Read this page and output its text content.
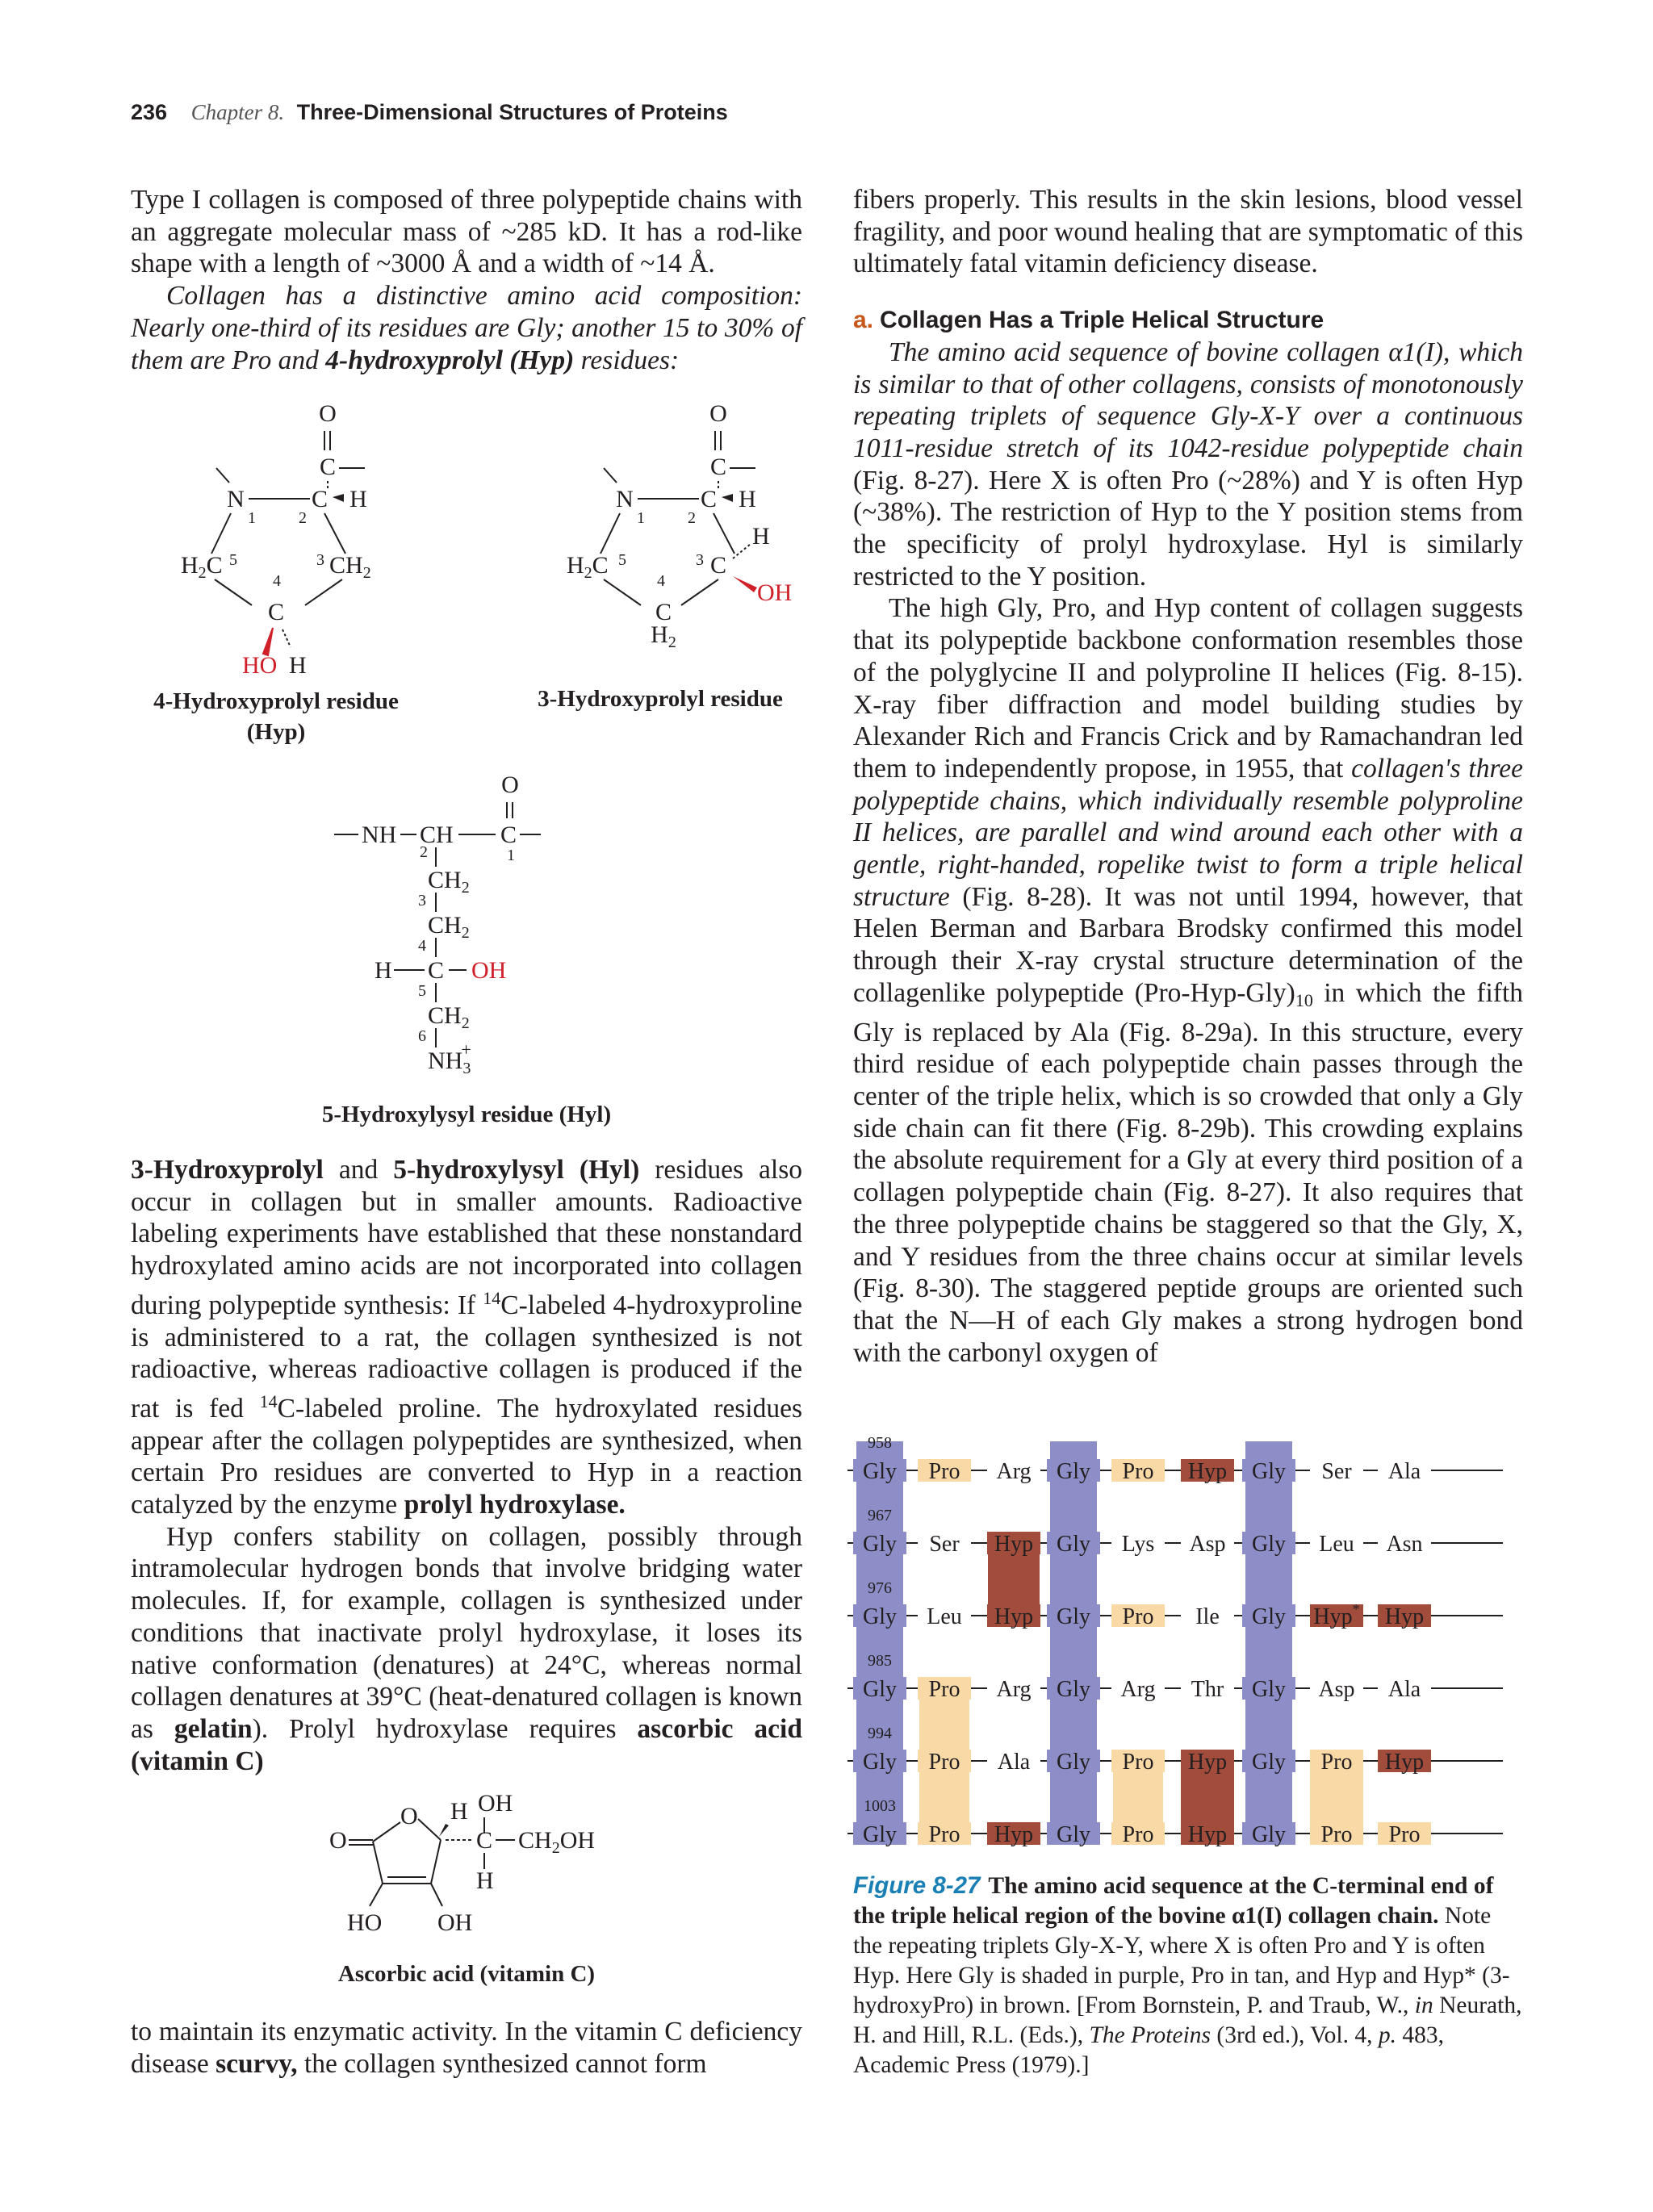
236 Chapter 8. Three-Dimensional Structures of Proteins

Type I collagen is composed of three polypeptide chains with an aggregate molecular mass of ~285 kD. It has a rod-like shape with a length of ~3000 Å and a width of ~14 Å.

Collagen has a distinctive amino acid composition: Nearly one-third of its residues are Gly; another 15 to 30% of them are Pro and 4-hydroxyprolyl (Hyp) residues:

O
C
N	C H
1	2
$H_2C$ 5	3 $CH_2$
4
C
HO H
O
C
N	C H
1	2
$H_2C$ 5	3 C
H
OH
4
C
$H_2$
4-Hydroxyprolyl residue (Hyp)
3-Hydroxyprolyl residue
O
NH CH C
2	1
$CH_2$
3
$CH_2$
4
H C OH
5
$CH_2$
6
$NH_3+$
5-Hydroxylysyl residue (Hyl)

3-Hydroxyprolyl and 5-hydroxylysyl (Hyl) residues also occur in collagen but in smaller amounts. Radioactive labeling experiments have established that these nonstandard hydroxylated amino acids are not incorporated into collagen during polypeptide synthesis: If $^{14}$C-labeled 4-hydroxyproline is administered to a rat, the collagen synthesized is not radioactive, whereas radioactive collagen is produced if the rat is fed $^{14}$C-labeled proline. The hydroxylated residues appear after the collagen polypeptides are synthesized, when certain Pro residues are converted to Hyp in a reaction catalyzed by the enzyme prolyl hydroxylase.

Hyp confers stability on collagen, possibly through intramolecular hydrogen bonds that involve bridging water molecules. If, for example, collagen is synthesized under conditions that inactivate prolyl hydroxylase, it loses its native conformation (denatures) at 24°C, whereas normal collagen denatures at 39°C (heat-denatured collagen is known as gelatin). Prolyl hydroxylase requires ascorbic acid (vitamin C)

O
O
HO OH
H OH
C $CH_2OH$
H
Ascorbic acid (vitamin C)

to maintain its enzymatic activity. In the vitamin C deficiency disease scurvy, the collagen synthesized cannot form

fibers properly. This results in the skin lesions, blood vessel fragility, and poor wound healing that are symptomatic of this ultimately fatal vitamin deficiency disease.

a. Collagen Has a Triple Helical Structure

The amino acid sequence of bovine collagen α1(I), which is similar to that of other collagens, consists of monotonously repeating triplets of sequence Gly-X-Y over a continuous 1011-residue stretch of its 1042-residue polypeptide chain (Fig. 8-27). Here X is often Pro (~28%) and Y is often Hyp (~38%). The restriction of Hyp to the Y position stems from the specificity of prolyl hydroxylase. Hyl is similarly restricted to the Y position.

The high Gly, Pro, and Hyp content of collagen suggests that its polypeptide backbone conformation resembles those of the polyglycine II and polyproline II helices (Fig. 8-15). X-ray fiber diffraction and model building studies by Alexander Rich and Francis Crick and by Ramachandran led them to independently propose, in 1955, that collagen's three polypeptide chains, which individually resemble polyproline II helices, are parallel and wind around each other with a gentle, right-handed, ropelike twist to form a triple helical structure (Fig. 8-28). It was not until 1994, however, that Helen Berman and Barbara Brodsky confirmed this model through their X-ray crystal structure determination of the collagenlike polypeptide $(Pro-Hyp-Gly)_{10}$ in which the fifth Gly is replaced by Ala (Fig. 8-29a). In this structure, every third residue of each polypeptide chain passes through the center of the triple helix, which is so crowded that only a Gly side chain can fit there (Fig. 8-29b). This crowding explains the absolute requirement for a Gly at every third position of a collagen polypeptide chain (Fig. 8-27). It also requires that the three polypeptide chains be staggered so that the Gly, X, and Y residues from the three chains occur at similar levels (Fig. 8-30). The staggered peptide groups are oriented such that the N—H of each Gly makes a strong hydrogen bond with the carbonyl oxygen of

958
Gly Pro Arg Gly Pro Hyp Gly Ser Ala
967
Gly Ser Hyp Gly Lys Asp Gly Leu Asn
976
Gly Leu Hyp Gly Pro Ile Gly Hyp* Hyp
985
Gly Pro Arg Gly Arg Thr Gly Asp Ala
994
Gly Pro Ala Gly Pro Hyp Gly Pro Hyp
1003
Gly Pro Hyp Gly Pro Hyp Gly Pro Pro
Figure 8-27 The amino acid sequence at the C-terminal end of the triple helical region of the bovine α1(I) collagen chain. Note the repeating triplets Gly-X-Y, where X is often Pro and Y is often Hyp. Here Gly is shaded in purple, Pro in tan, and Hyp and Hyp* (3-hydroxyPro) in brown. [From Bornstein, P. and Traub, W., in Neurath, H. and Hill, R.L. (Eds.), The Proteins (3rd ed.), Vol. 4, p. 483, Academic Press (1979).]
